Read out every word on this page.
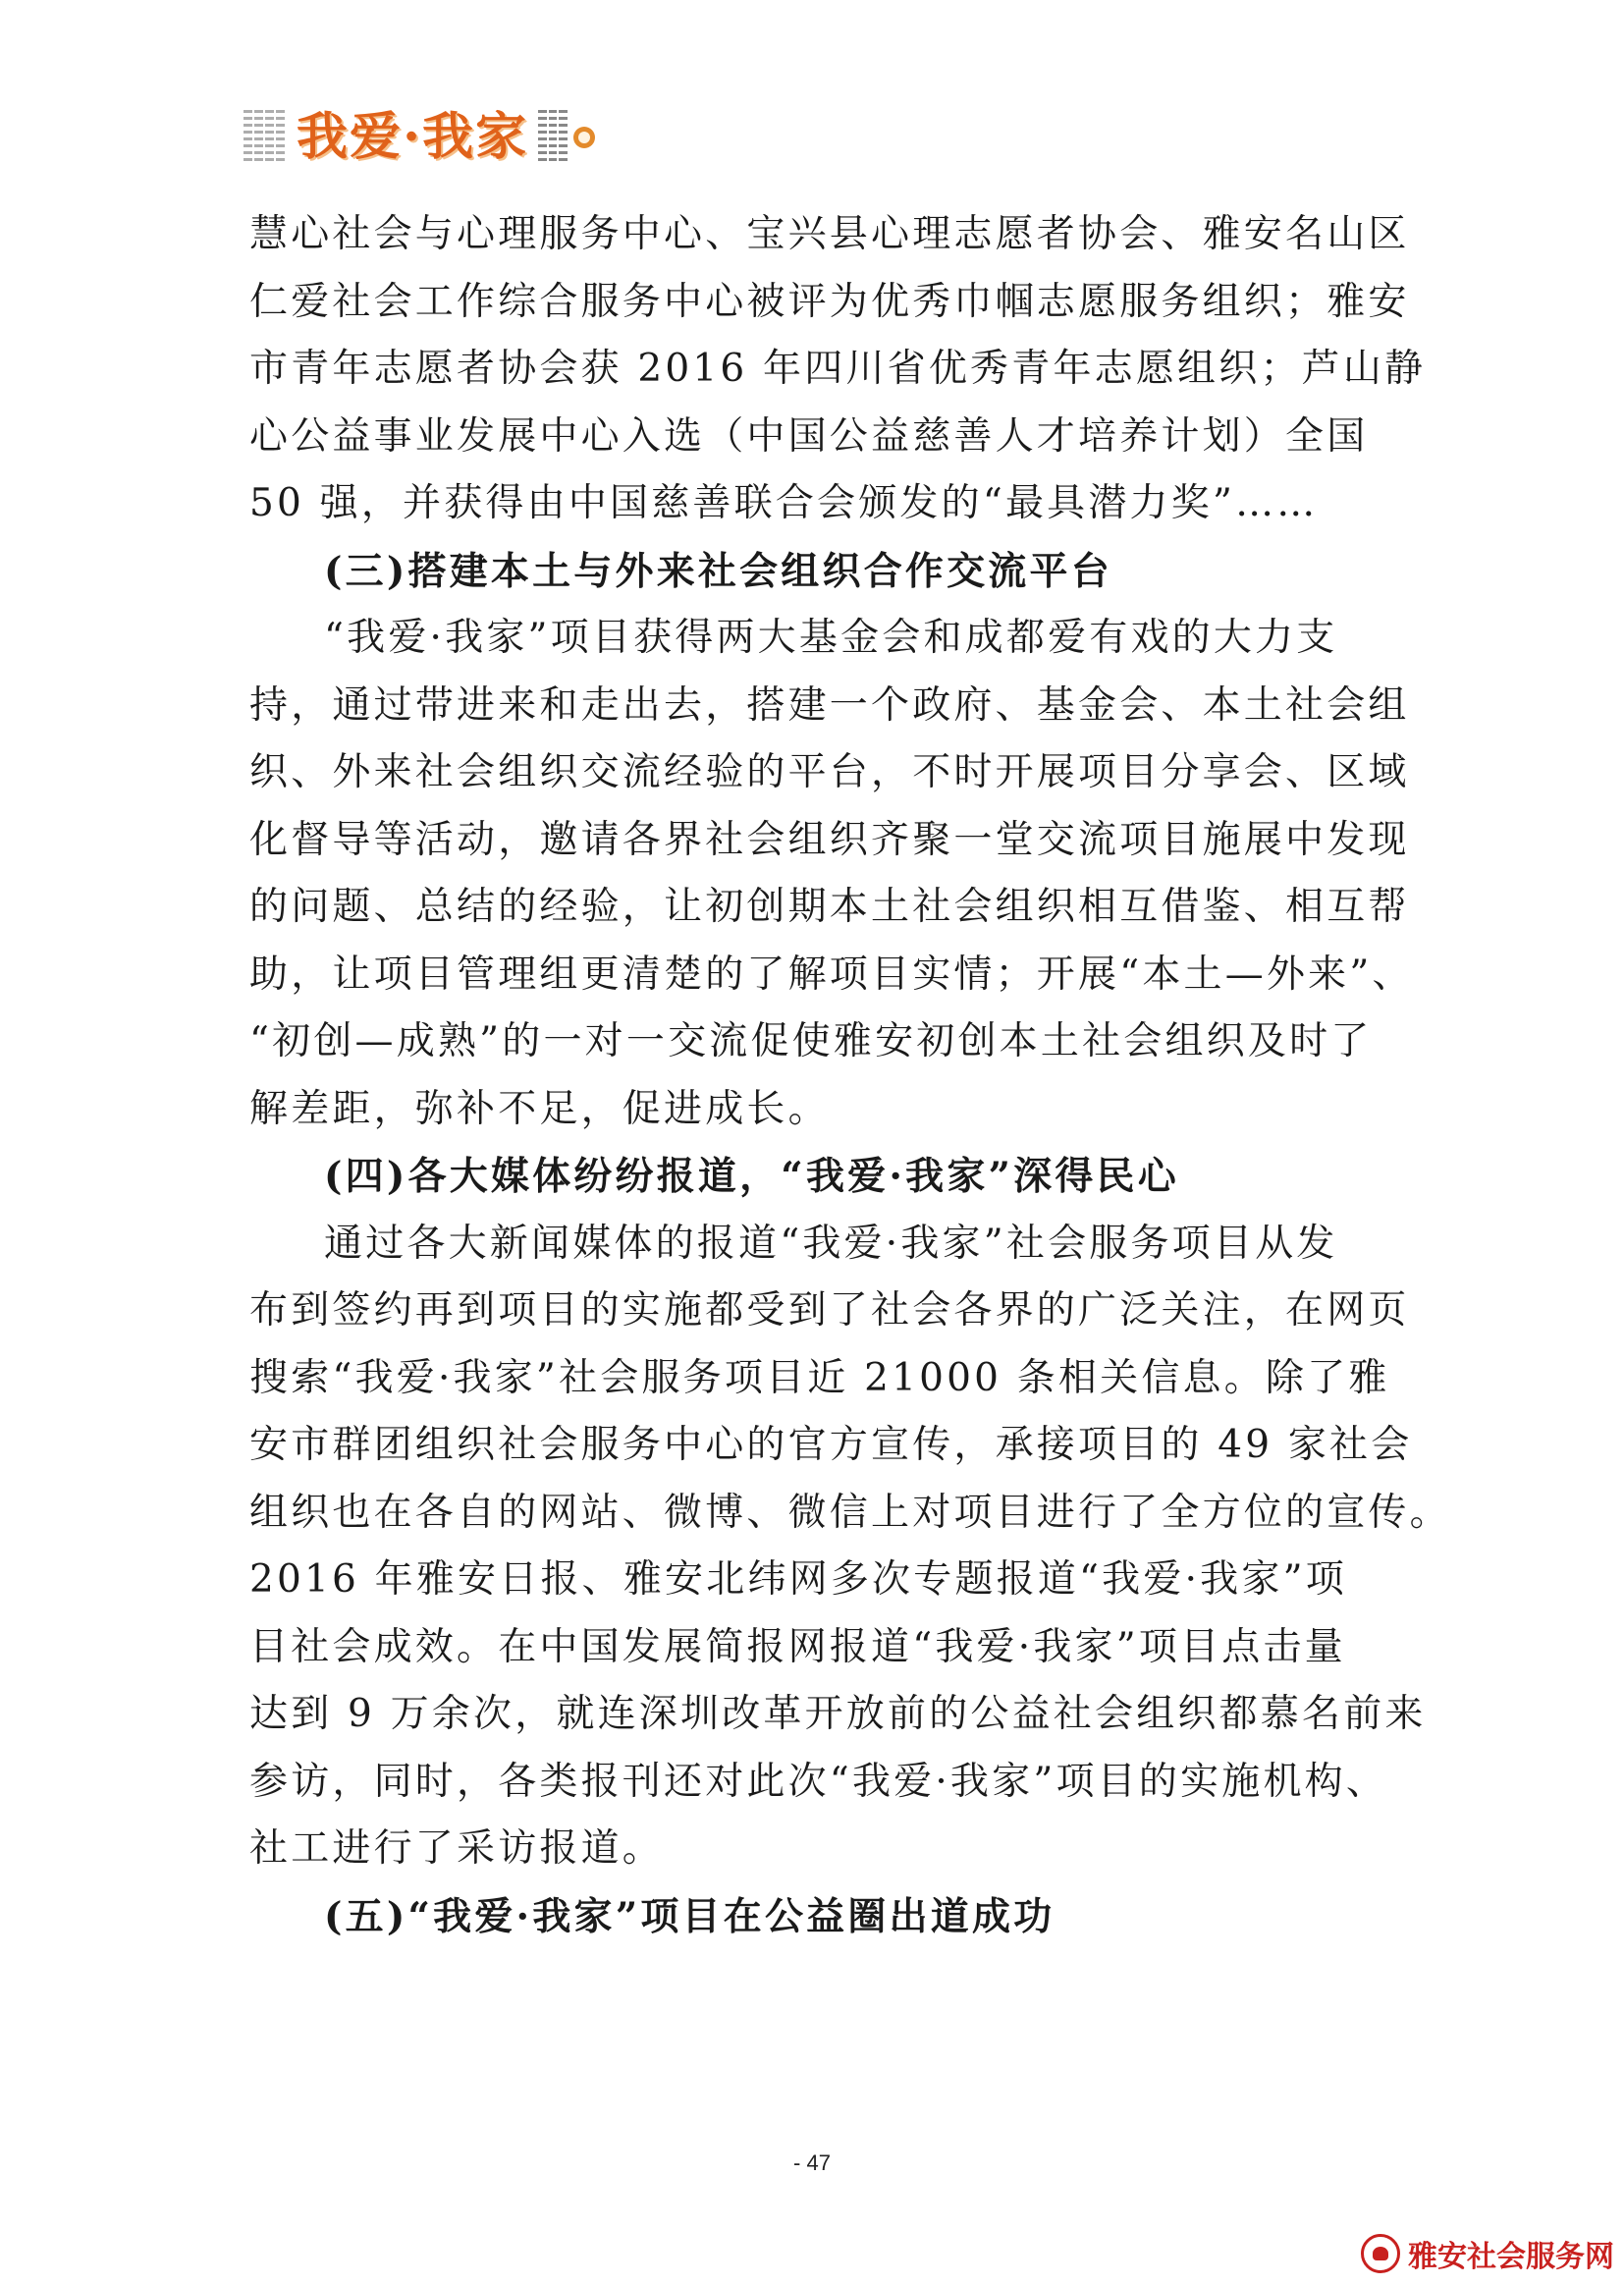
我爱·我家
慧心社会与心理服务中心、宝兴县心理志愿者协会、雅安名山区
仁爱社会工作综合服务中心被评为优秀巾帼志愿服务组织；雅安
市青年志愿者协会获 2016 年四川省优秀青年志愿组织；芦山静
心公益事业发展中心入选（中国公益慈善人才培养计划）全国
50 强，并获得由中国慈善联合会颁发的“最具潜力奖”……
(三)搭建本土与外来社会组织合作交流平台
“我爱·我家”项目获得两大基金会和成都爱有戏的大力支
持，通过带进来和走出去，搭建一个政府、基金会、本土社会组
织、外来社会组织交流经验的平台，不时开展项目分享会、区域
化督导等活动，邀请各界社会组织齐聚一堂交流项目施展中发现
的问题、总结的经验，让初创期本土社会组织相互借鉴、相互帮
助，让项目管理组更清楚的了解项目实情；开展“本土—外来”、
“初创—成熟”的一对一交流促使雅安初创本土社会组织及时了
解差距，弥补不足，促进成长。
(四)各大媒体纷纷报道，“我爱·我家”深得民心
通过各大新闻媒体的报道“我爱·我家”社会服务项目从发
布到签约再到项目的实施都受到了社会各界的广泛关注，在网页
搜索“我爱·我家”社会服务项目近 21000 条相关信息。除了雅
安市群团组织社会服务中心的官方宣传，承接项目的 49 家社会
组织也在各自的网站、微博、微信上对项目进行了全方位的宣传。
2016 年雅安日报、雅安北纬网多次专题报道“我爱·我家”项
目社会成效。在中国发展简报网报道“我爱·我家”项目点击量
达到 9 万余次，就连深圳改革开放前的公益社会组织都慕名前来
参访，同时，各类报刊还对此次“我爱·我家”项目的实施机构、
社工进行了采访报道。
(五)“我爱·我家”项目在公益圈出道成功
- 47
雅安社会服务网
